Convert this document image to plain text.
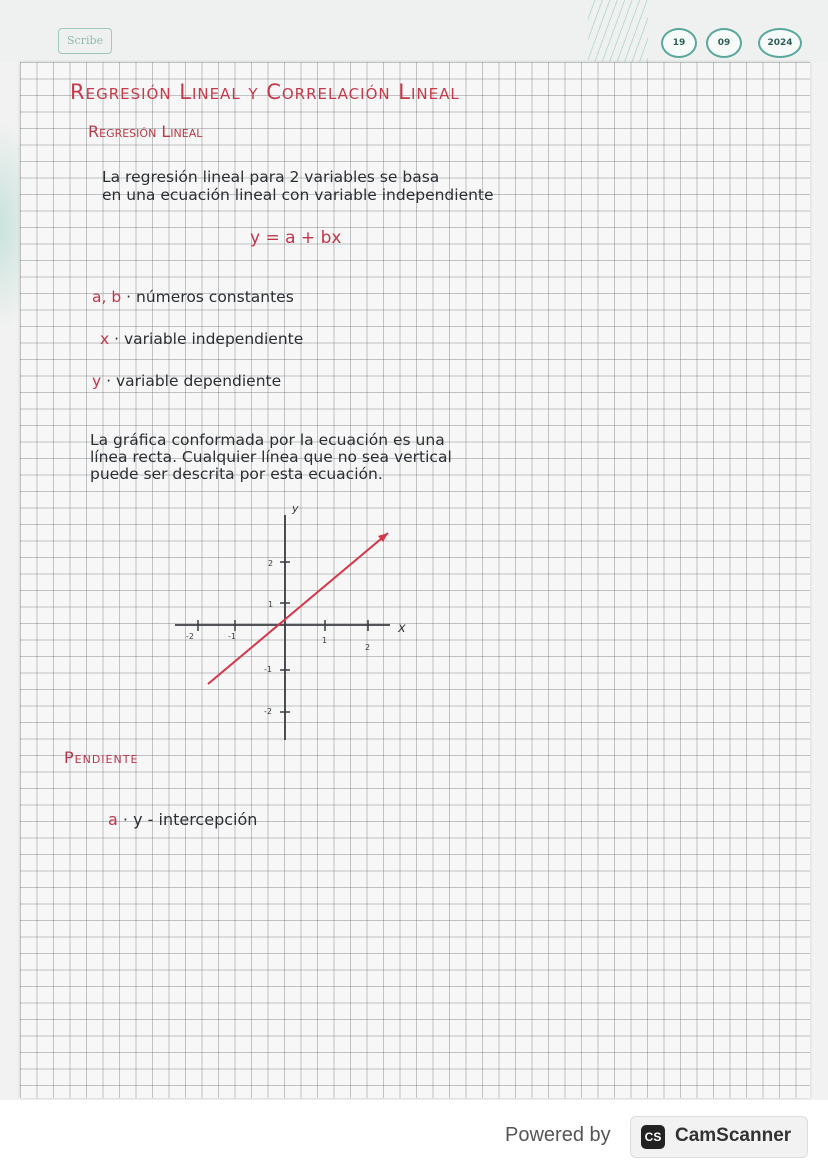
Scribe	19	09	2024
Regresión Lineal y Correlación Lineal
Regresión Lineal
La regresión lineal para 2 variables se basa
en una ecuación lineal con variable independiente
y = a + bx
a, b · números constantes
x · variable independiente
y · variable dependiente
La gráfica conformada por la ecuación es una
línea recta. Cualquier línea que no sea vertical
puede ser descrita por esta ecuación.
-2	-1	1
2
2
1
-1
-2
x
y
Pendiente
a · y - intercepción
Powered by	CS CamScanner
